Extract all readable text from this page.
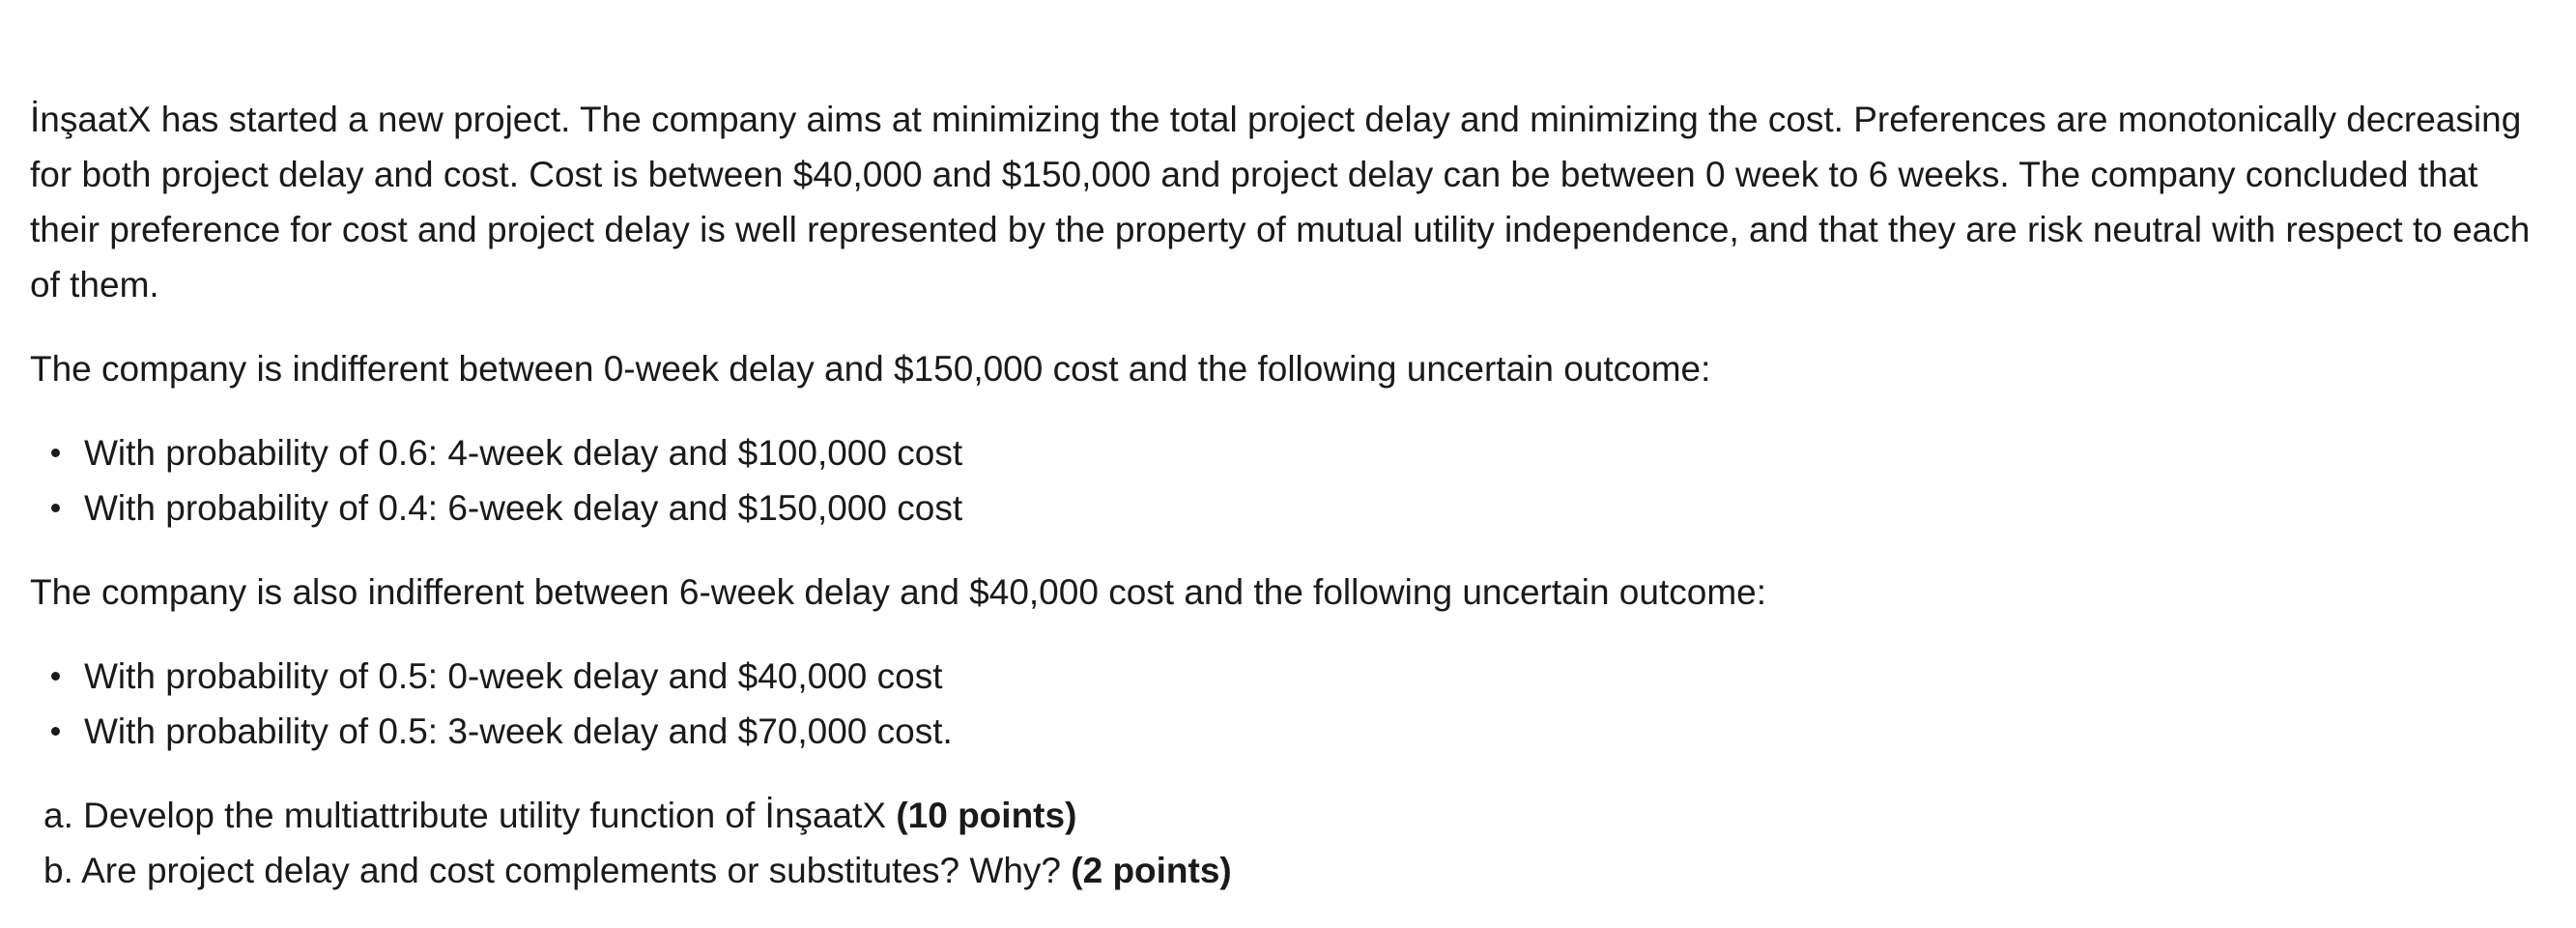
İnşaatX has started a new project. The company aims at minimizing the total project delay and minimizing the cost. Preferences are monotonically decreasing for both project delay and cost. Cost is between $40,000 and $150,000 and project delay can be between 0 week to 6 weeks. The company concluded that their preference for cost and project delay is well represented by the property of mutual utility independence, and that they are risk neutral with respect to each of them.

The company is indifferent between 0-week delay and $150,000 cost and the following uncertain outcome:

With probability of 0.6: 4-week delay and $100,000 cost
With probability of 0.4: 6-week delay and $150,000 cost

The company is also indifferent between 6-week delay and $40,000 cost and the following uncertain outcome:

With probability of 0.5: 0-week delay and $40,000 cost
With probability of 0.5: 3-week delay and $70,000 cost.
a. Develop the multiattribute utility function of İnşaatX (10 points)
b. Are project delay and cost complements or substitutes? Why? (2 points)
